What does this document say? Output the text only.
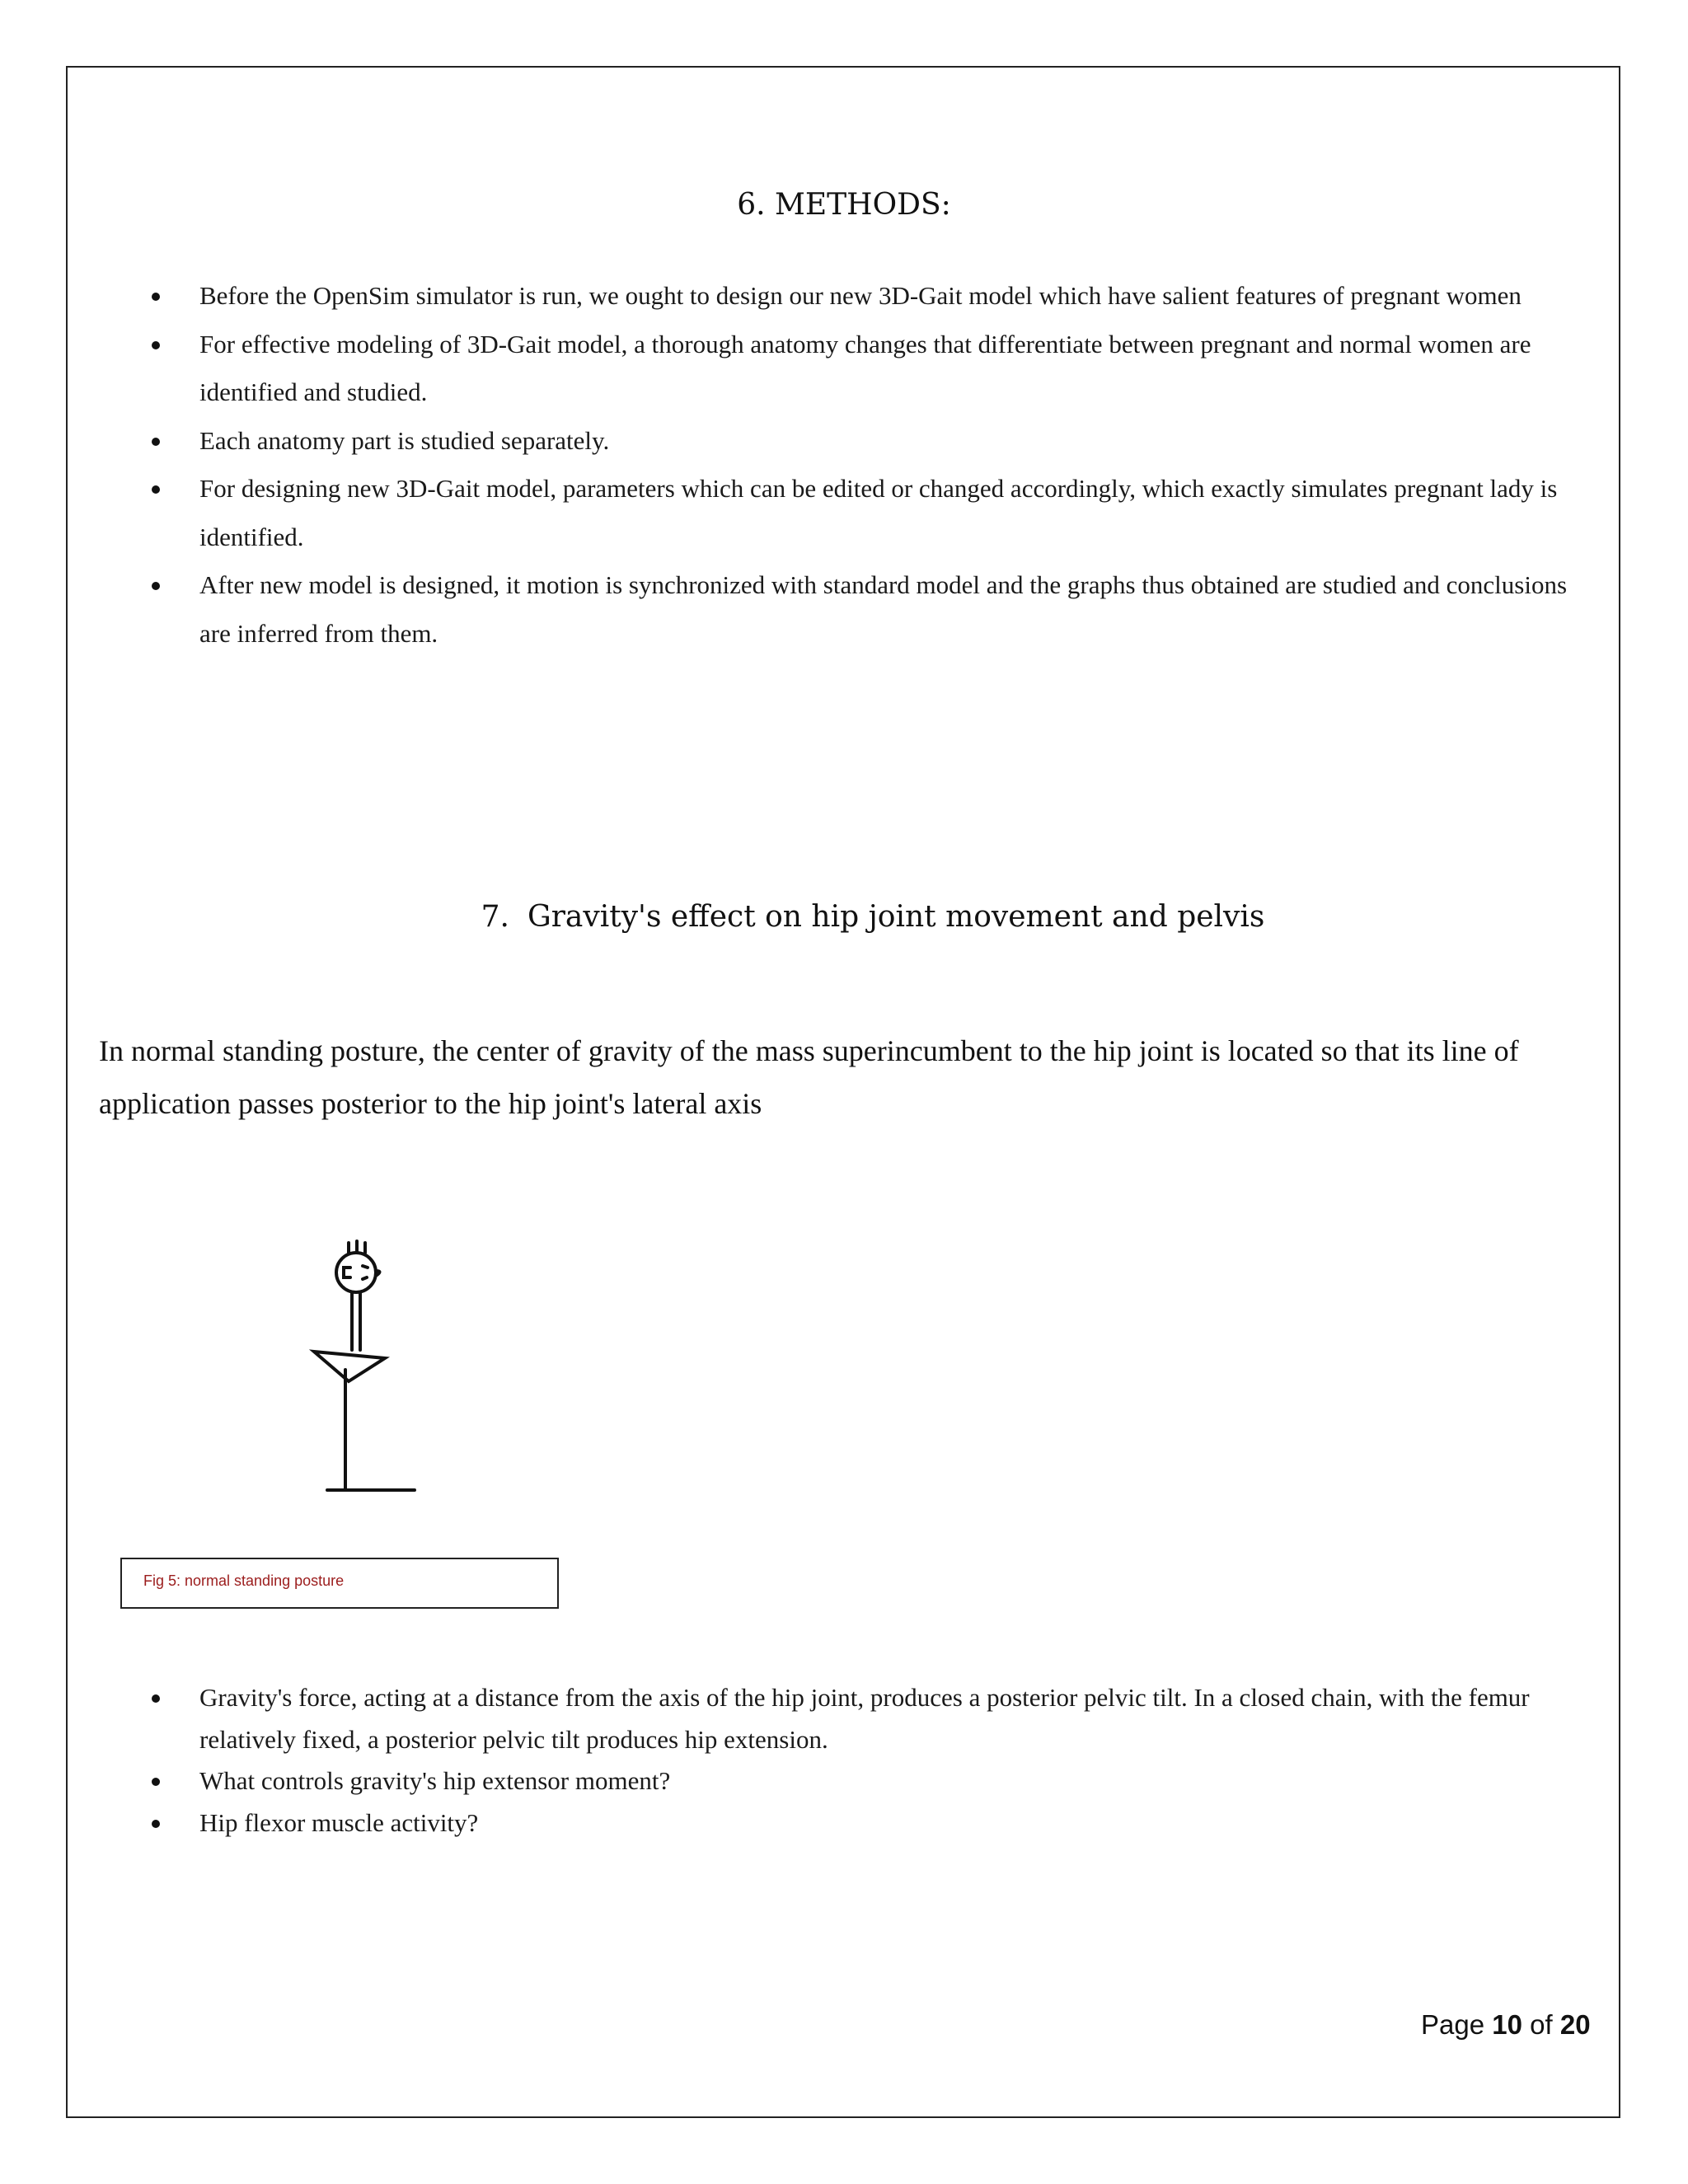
6. METHODS:
Before the OpenSim simulator is run, we ought to design our new 3D-Gait model which have salient features of pregnant women
For effective modeling of 3D-Gait model, a thorough anatomy changes that differentiate between pregnant and normal women are identified and studied.
Each anatomy part is studied separately.
For designing new 3D-Gait model, parameters which can be edited or changed accordingly, which exactly simulates pregnant lady is identified.
After new model is designed, it motion is synchronized with standard model and the graphs thus obtained are studied and conclusions are inferred from them.
7. Gravity's effect on hip joint movement and pelvis

In normal standing posture, the center of gravity of the mass superincumbent to the hip joint is located so that its line of application passes posterior to the hip joint's lateral axis

Fig 5: normal standing posture
Gravity's force, acting at a distance from the axis of the hip joint, produces a posterior pelvic tilt. In a closed chain, with the femur relatively fixed, a posterior pelvic tilt produces hip extension.
What controls gravity's hip extensor moment?
Hip flexor muscle activity?
Page 10 of 20
